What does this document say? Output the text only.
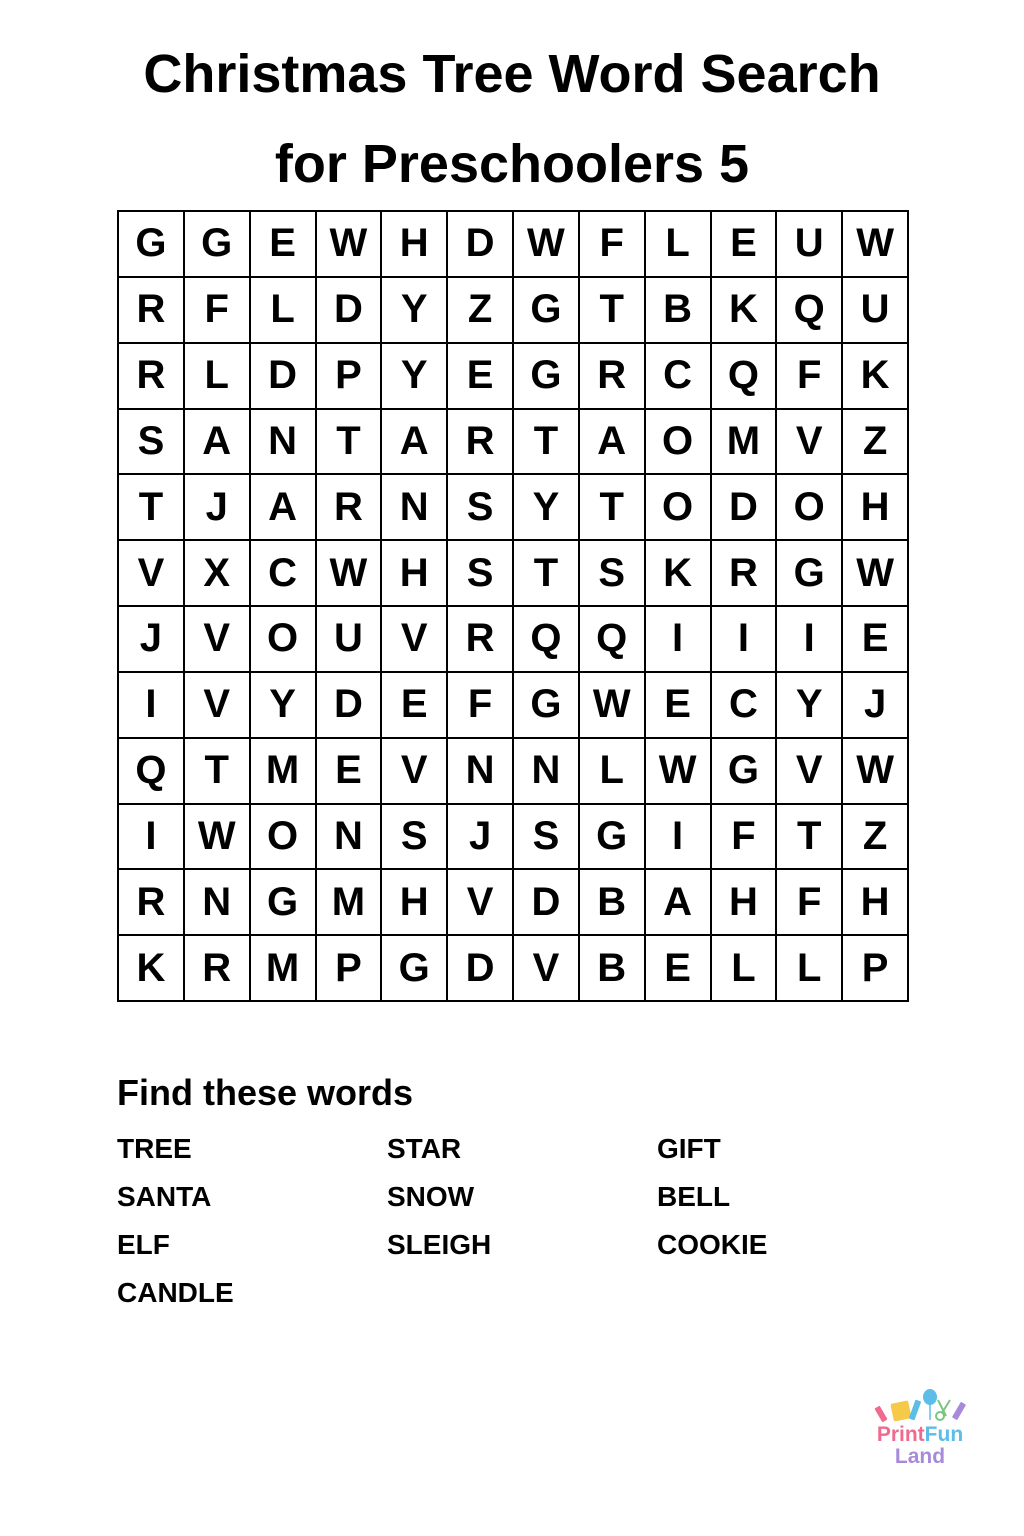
Christmas Tree Word Search
for Preschoolers 5
G G E W H D W F	L	E U W
R F	L D Y	Z G T B K Q U
R L D P Y E G R C Q F K
S A N T A R T A O M V	Z
T	J	A R N S Y	T O D O H
V X C W H S	T	S K R G W
J	V O U V R Q Q	I	I	I	E
I	V Y D E	F G W E C Y	J
Q T M E V N N L W G V W
I	W O N S	J	S G	I	F	T	Z
R N G M H V D B A H F H
K R M P G D V B E	L	L	P
Find these words
TREE	STAR	GIFT
SANTA	SNOW	BELL
ELF	SLEIGH	COOKIE
CANDLE
PrintFun
Land
